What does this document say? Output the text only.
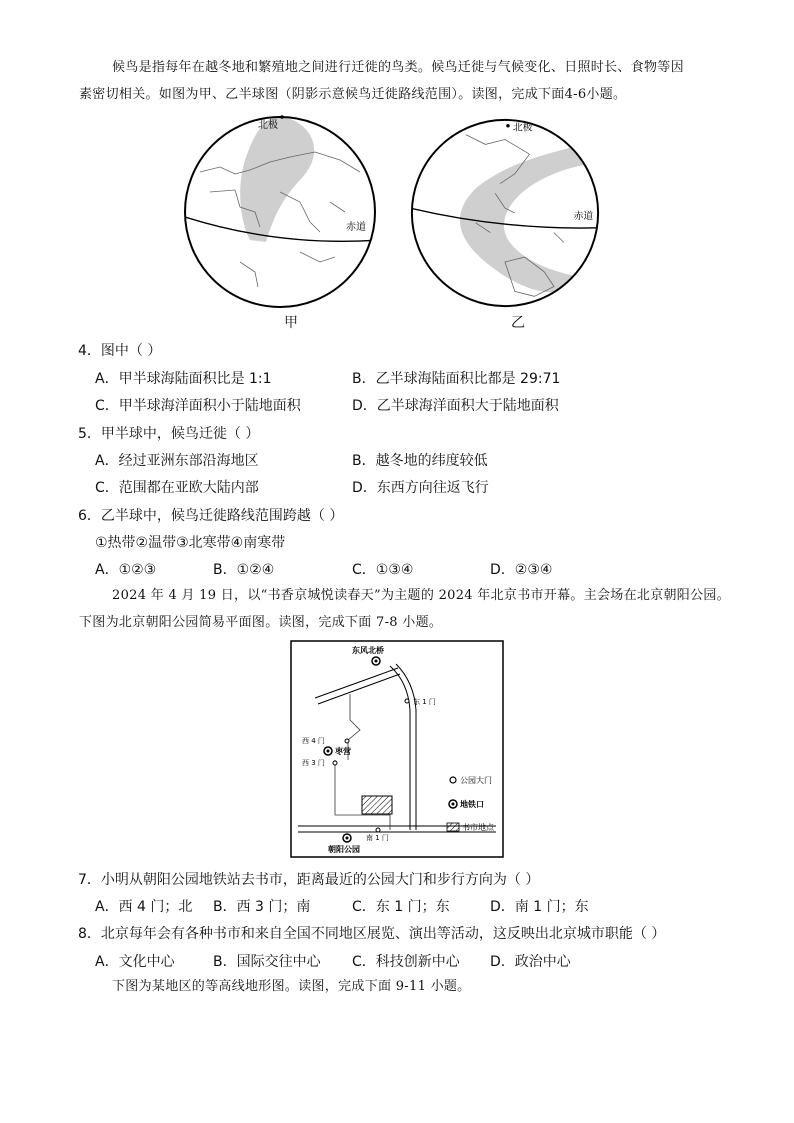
候鸟是指每年在越冬地和繁殖地之间进行迁徙的鸟类。候鸟迁徙与气候变化、日照时长、食物等因
素密切相关。如图为甲、乙半球图（阴影示意候鸟迁徙路线范围）。读图，完成下面4-6小题。
北极
赤道
甲
北极
赤道
乙
4．图中（ ）
A．甲半球海陆面积比是 1:1	B．乙半球海陆面积比都是 29:71
C．甲半球海洋面积小于陆地面积	D．乙半球海洋面积大于陆地面积
5．甲半球中，候鸟迁徙（ ）
A．经过亚洲东部沿海地区	B．越冬地的纬度较低
C．范围都在亚欧大陆内部	D．东西方向往返飞行
6．乙半球中，候鸟迁徙路线范围跨越（ ）
①热带②温带③北寒带④南寒带
A．①②③	B．①②④	C．①③④	D．②③④
2024 年 4 月 19 日，以“书香京城悦读春天”为主题的 2024 年北京书市开幕。主会场在北京朝阳公园。
下图为北京朝阳公园简易平面图。读图，完成下面 7-8 小题。
东风北桥
枣营
朝阳公园
东 1 门
西 4 门
西 3 门
南 1 门
公园大门
地铁口
书市地点
7．小明从朝阳公园地铁站去书市，距离最近的公园大门和步行方向为（ ）
A．西 4 门；北 B．西 3 门；南	C．东 1 门；东	D．南 1 门；东
8．北京每年会有各种书市和来自全国不同地区展览、演出等活动，这反映出北京城市职能（ ）
A．文化中心	B．国际交往中心 C．科技创新中心 D．政治中心
下图为某地区的等高线地形图。读图，完成下面 9-11 小题。
